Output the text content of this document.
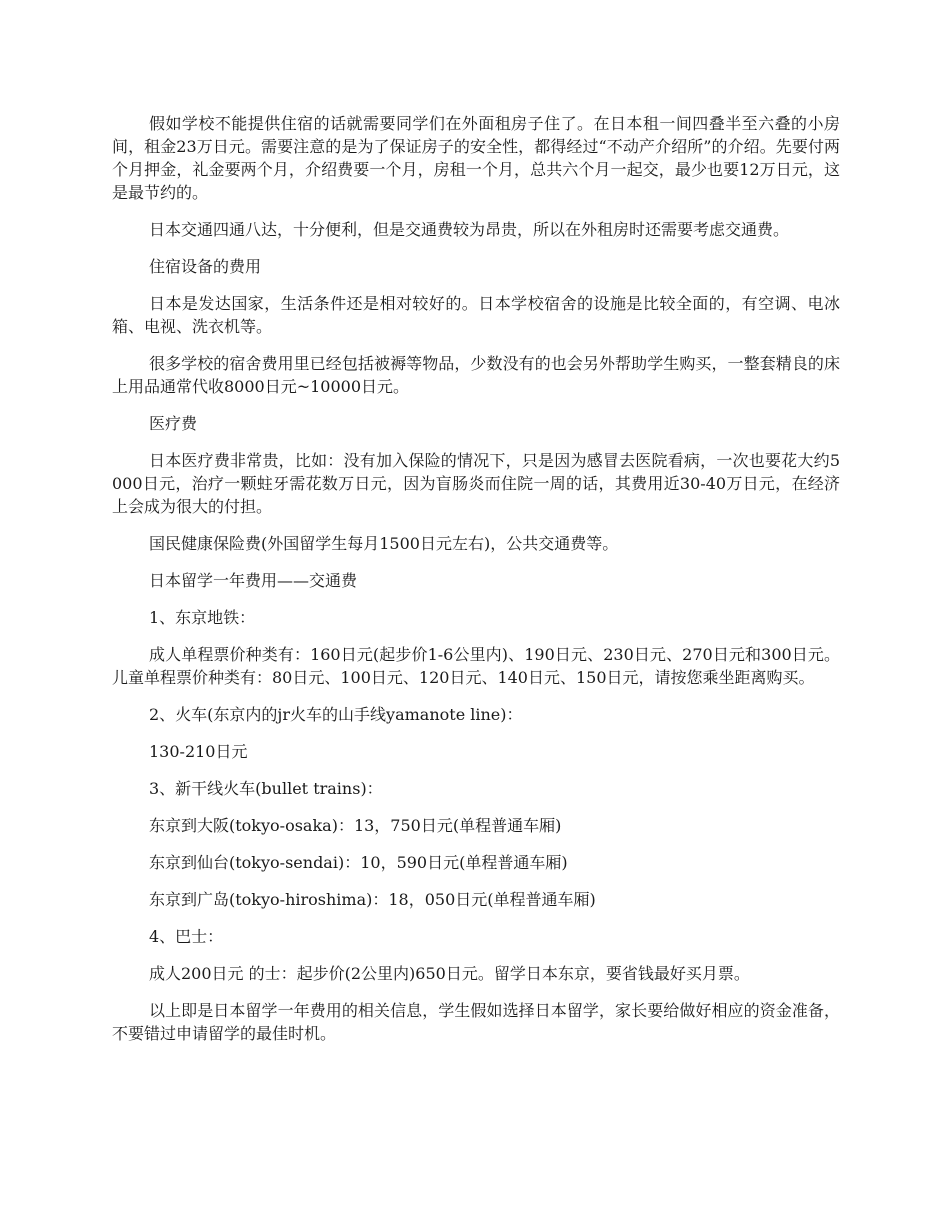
假如学校不能提供住宿的话就需要同学们在外面租房子住了。在日本租一间四叠半至六叠的小房间，租金23万日元。需要注意的是为了保证房子的安全性，都得经过“不动产介绍所”的介绍。先要付两个月押金，礼金要两个月，介绍费要一个月，房租一个月，总共六个月一起交，最少也要12万日元，这是最节约的。

日本交通四通八达，十分便利，但是交通费较为昂贵，所以在外租房时还需要考虑交通费。

住宿设备的费用

日本是发达国家，生活条件还是相对较好的。日本学校宿舍的设施是比较全面的，有空调、电冰箱、电视、洗衣机等。

很多学校的宿舍费用里已经包括被褥等物品，少数没有的也会另外帮助学生购买，一整套精良的床上用品通常代收8000日元~10000日元。

医疗费

日本医疗费非常贵，比如：没有加入保险的情况下，只是因为感冒去医院看病，一次也要花大约5000日元，治疗一颗蛀牙需花数万日元，因为盲肠炎而住院一周的话，其费用近30-40万日元，在经济上会成为很大的付担。

国民健康保险费(外国留学生每月1500日元左右)，公共交通费等。

日本留学一年费用——交通费

1、东京地铁：

成人单程票价种类有：160日元(起步价1-6公里内)、190日元、230日元、270日元和300日元。儿童单程票价种类有：80日元、100日元、120日元、140日元、150日元，请按您乘坐距离购买。

2、火车(东京内的jr火车的山手线yamanote line)：

130-210日元

3、新干线火车(bullet trains)：

东京到大阪(tokyo-osaka)：13，750日元(单程普通车厢)

东京到仙台(tokyo-sendai)：10，590日元(单程普通车厢)

东京到广岛(tokyo-hiroshima)：18，050日元(单程普通车厢)

4、巴士：

成人200日元 的士：起步价(2公里内)650日元。留学日本东京，要省钱最好买月票。

以上即是日本留学一年费用的相关信息，学生假如选择日本留学，家长要给做好相应的资金准备，不要错过申请留学的最佳时机。
